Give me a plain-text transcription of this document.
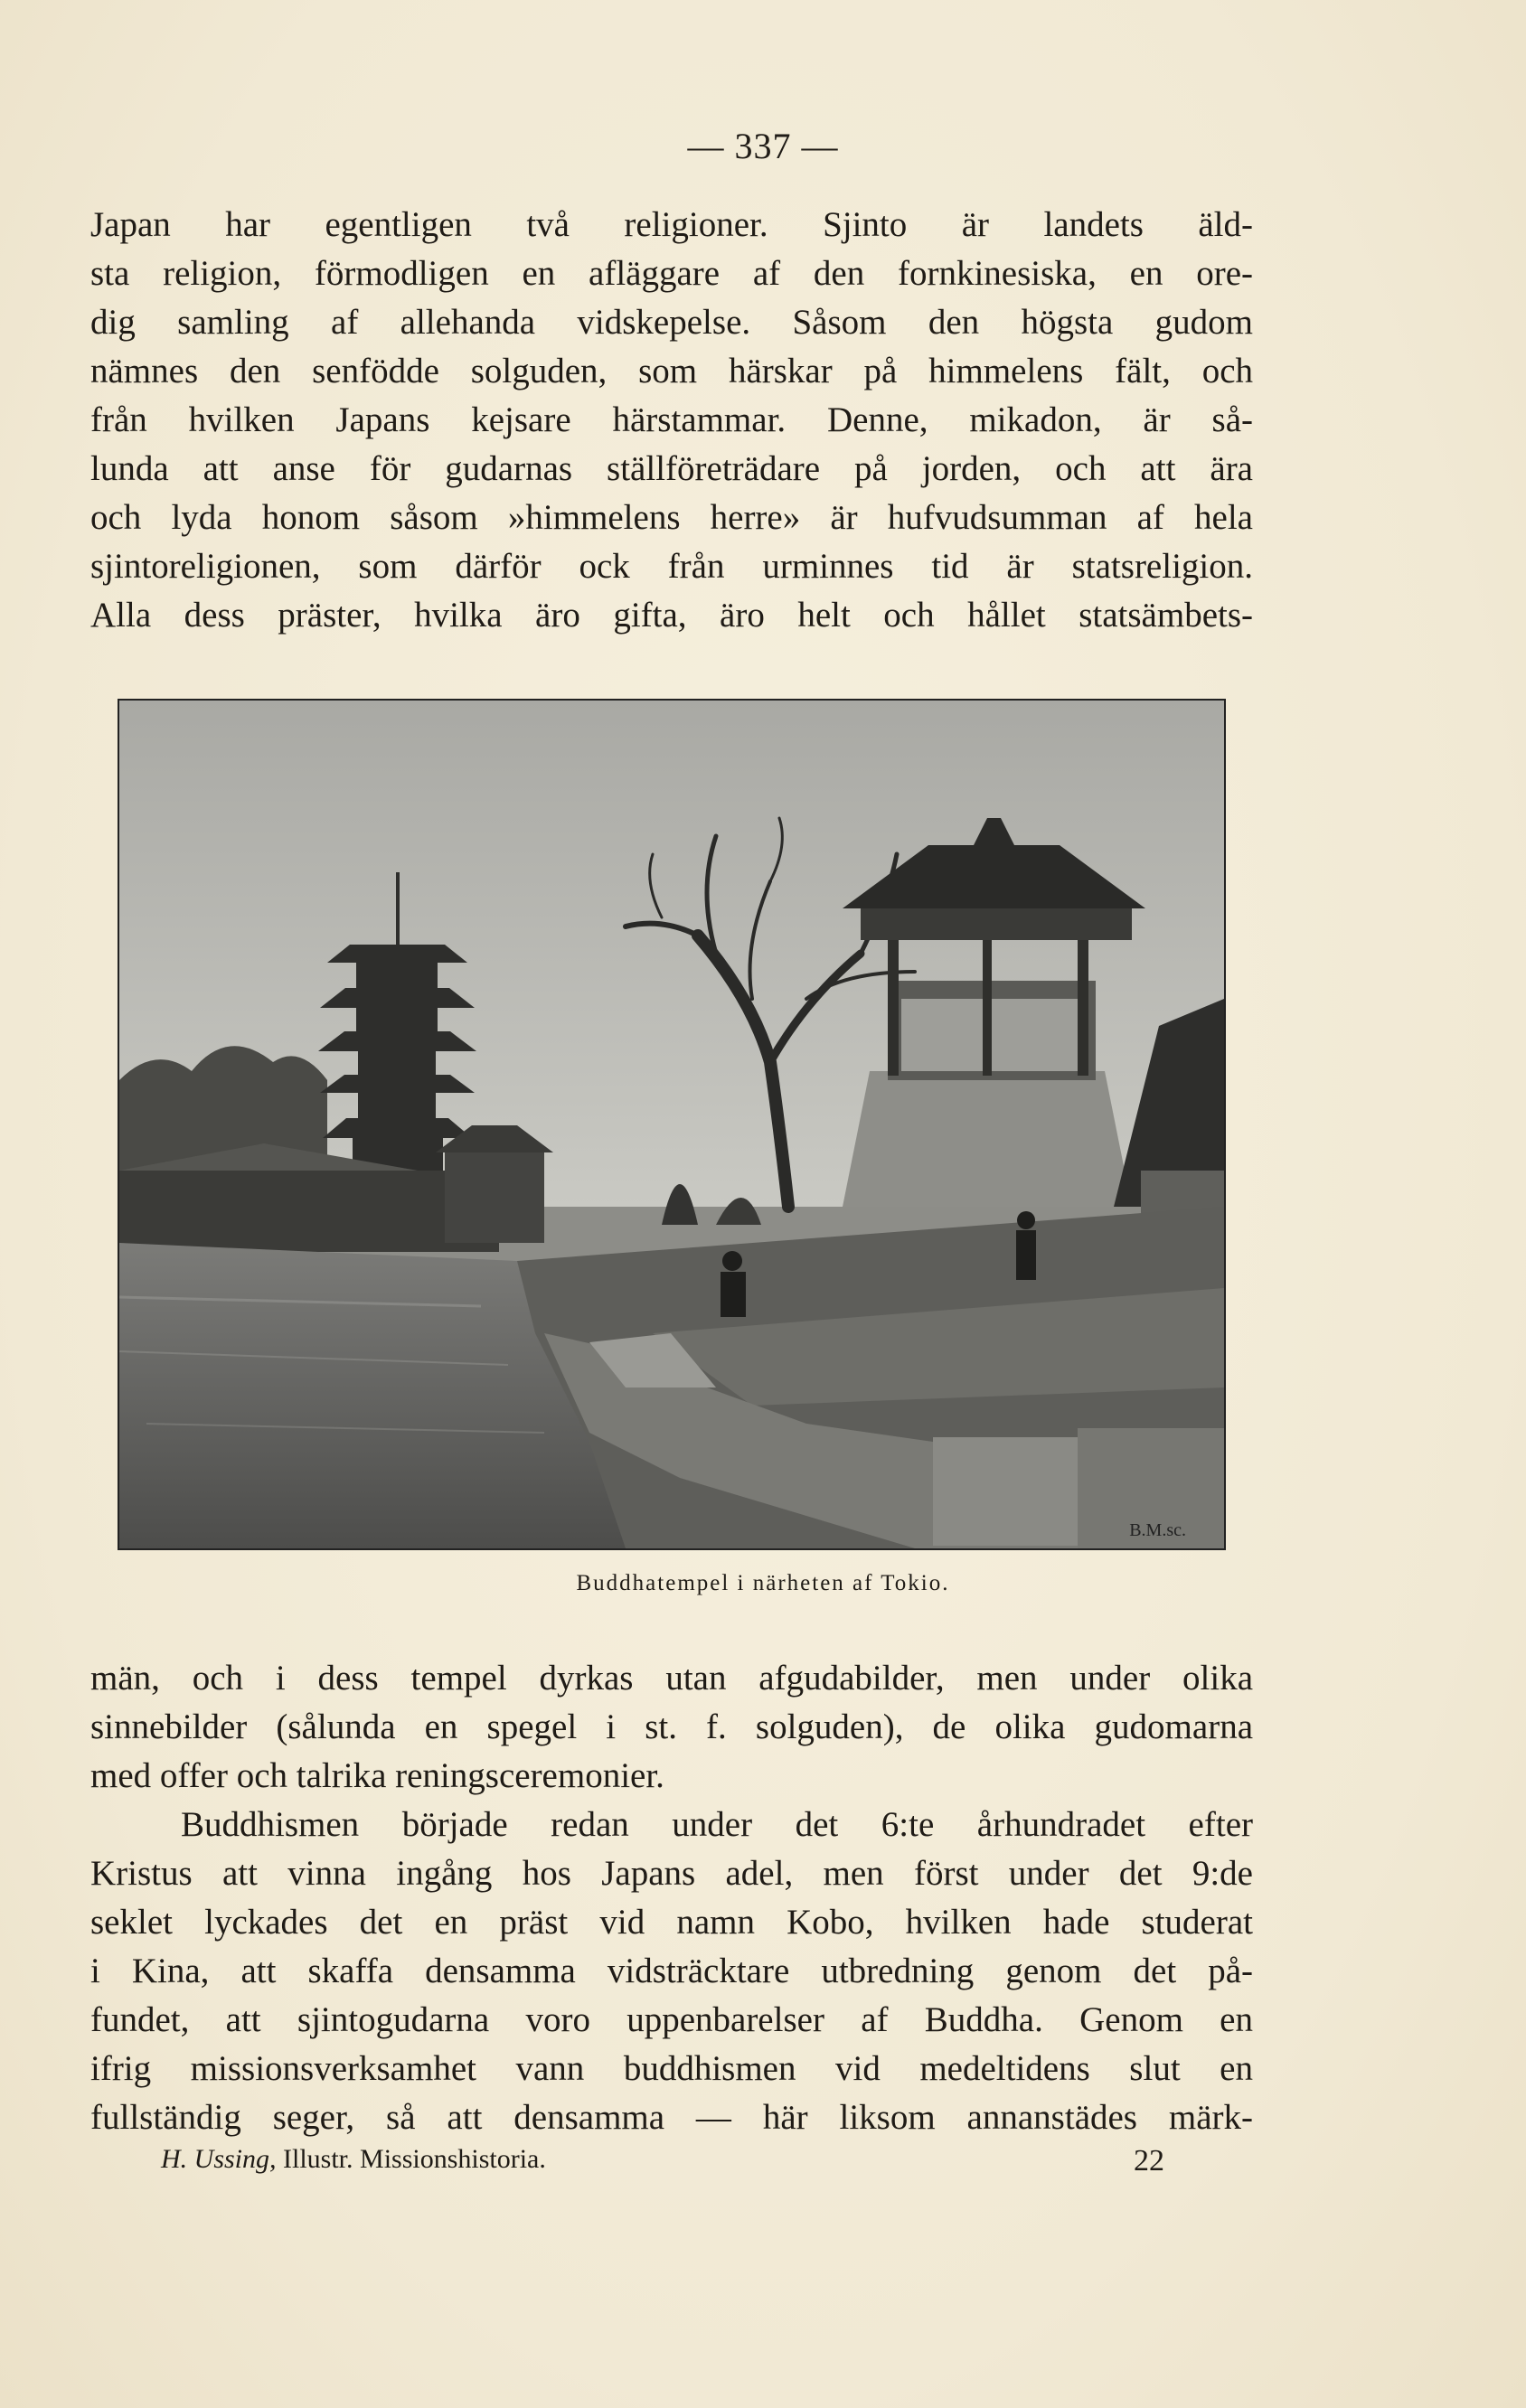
— 337 —
Japan har egentligen två religioner. Sjinto är landets äld-
sta religion, förmodligen en afläggare af den fornkinesiska, en ore-
dig samling af allehanda vidskepelse. Såsom den högsta gudom
nämnes den senfödde solguden, som härskar på himmelens fält, och
från hvilken Japans kejsare härstammar. Denne, mikadon, är så-
lunda att anse för gudarnas ställföreträdare på jorden, och att ära
och lyda honom såsom »himmelens herre» är hufvudsumman af hela
sjintoreligionen, som därför ock från urminnes tid är statsreligion.
Alla dess präster, hvilka äro gifta, äro helt och hållet statsämbets-
B.M.sc.
Buddhatempel i närheten af Tokio.
män, och i dess tempel dyrkas utan afgudabilder, men under olika
sinnebilder (sålunda en spegel i st. f. solguden), de olika gudomarna
med offer och talrika reningsceremonier.
Buddhismen började redan under det 6:te århundradet efter
Kristus att vinna ingång hos Japans adel, men först under det 9:de
seklet lyckades det en präst vid namn Kobo, hvilken hade studerat
i Kina, att skaffa densamma vidsträcktare utbredning genom det på-
fundet, att sjintogudarna voro uppenbarelser af Buddha. Genom en
ifrig missionsverksamhet vann buddhismen vid medeltidens slut en
fullständig seger, så att densamma — här liksom annanstädes märk-
H. Ussing, Illustr. Missionshistoria.	22
